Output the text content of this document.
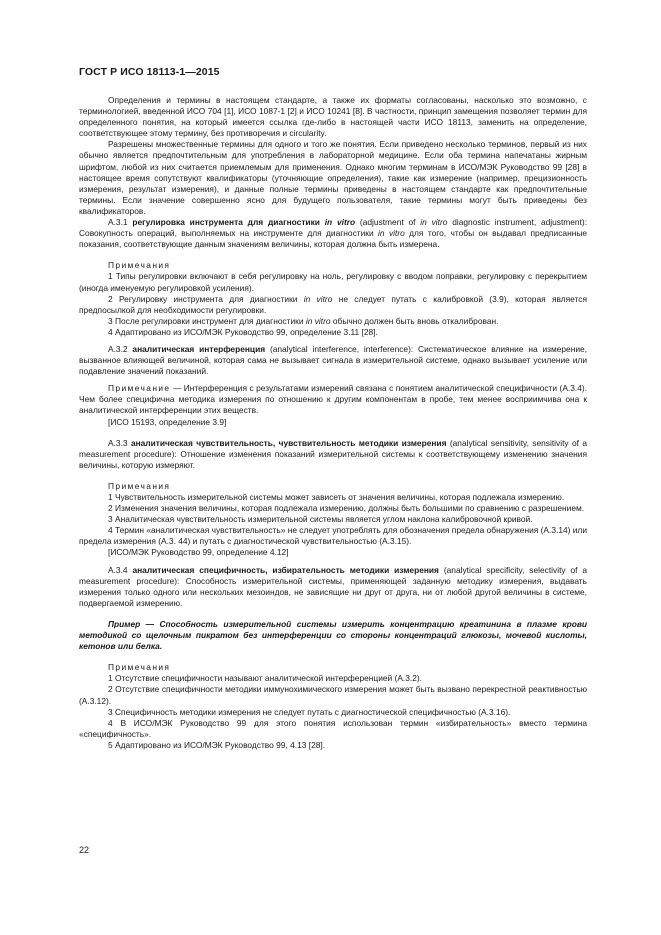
ГОСТ Р ИСО 18113-1—2015

Определения и термины в настоящем стандарте, а также их форматы согласованы, насколько это возможно, с терминологией, введенной ИСО 704 [1], ИСО 1087-1 [2] и ИСО 10241 [8]. В частности, принцип замещения позволяет термин для определенного понятия, на который имеется ссылка где-либо в настоящей части ИСО 18113, заменить на определение, соответствующее этому термину, без противоречия и circularity.

Разрешены множественные термины для одного и того же понятия. Если приведено несколько терминов, первый из них обычно является предпочтительным для употребления в лабораторной медицине. Если оба термина напечатаны жирным шрифтом, любой из них считается приемлемым для применения. Однако многим терминам в ИСО/МЭК Руководство 99 [28] в настоящее время сопутствуют квалификаторы (уточняющие определения), такие как измерение (например, прецизионность измерения, результат измерения), и данные полные термины приведены в настоящем стандарте как предпочтительные термины. Если значение совершенно ясно для будущего пользователя, такие термины могут быть приведены без квалификаторов.

А.3.1 регулировка инструмента для диагностики in vitro (adjustment of in vitro diagnostic instrument, adjustment): Совокупность операций, выполняемых на инструменте для диагностики in vitro для того, чтобы он выдавал предписанные показания, соответствующие данным значениям величины, которая должна быть измерена.

Примечания

1 Типы регулировки включают в себя регулировку на ноль, регулировку с вводом поправки, регулировку с перекрытием (иногда именуемую регулировкой усиления).

2 Регулировку инструмента для диагностики in vitro не следует путать с калибровкой (3.9), которая является предпосылкой для необходимости регулировки.

3 После регулировки инструмент для диагностики in vitro обычно должен быть вновь откалиброван.

4 Адаптировано из ИСО/МЭК Руководство 99, определение 3.11 [28].

А.3.2 аналитическая интерференция (analytical interference, interference): Систематическое влияние на измерение, вызванное влияющей величиной, которая сама не вызывает сигнала в измерительной системе, однако вызывает усиление или подавление значений показаний.

Примечание — Интерференция с результатами измерений связана с понятием аналитической специфичности (А.3.4). Чем более специфична методика измерения по отношению к другим компонентам в пробе, тем менее восприимчива она к аналитической интерференции этих веществ.

[ИСО 15193, определение 3.9]

А.3.3 аналитическая чувствительность, чувствительность методики измерения (analytical sensitivity, sensitivity of a measurement procedure): Отношение изменения показаний измерительной системы к соответствующему изменению значения величины, которую измеряют.

Примечания

1 Чувствительность измерительной системы может зависеть от значения величины, которая подлежала измерению.

2 Изменения значения величины, которая подлежала измерению, должны быть большими по сравнению с разрешением.

3 Аналитическая чувствительность измерительной системы является углом наклона калибровочной кривой.

4 Термин «аналитическая чувствительность» не следует употреблять для обозначения предела обнаружения (А.3.14) или предела измерения (А.3. 44) и путать с диагностической чувствительностью (А.3.15).

[ИСО/МЭК Руководство 99, определение 4.12]

А.3.4 аналитическая специфичность, избирательность методики измерения (analytical specificity, selectivity of a measurement procedure): Способность измерительной системы, применяющей заданную методику измерения, выдавать измерения только одного или нескольких мезоиндов, не зависящие ни друг от друга, ни от любой другой величины в системе, подвергаемой измерению.

Пример — Способность измерительной системы измерить концентрацию креатинина в плазме крови методикой со щелочным пикратом без интерференции со стороны концентраций глюкозы, мочевой кислоты, кетонов или белка.

Примечания

1 Отсутствие специфичности называют аналитической интерференцией (А.3.2).

2 Отсутствие специфичности методики иммунохимического измерения может быть вызвано перекрестной реактивностью (А.3.12).

3 Специфичность методики измерения не следует путать с диагностической специфичностью (А.3.16).

4 В ИСО/МЭК Руководство 99 для этого понятия использован термин «избирательность» вместо термина «специфичность».

5 Адаптировано из ИСО/МЭК Руководство 99, 4.13 [28].

22
